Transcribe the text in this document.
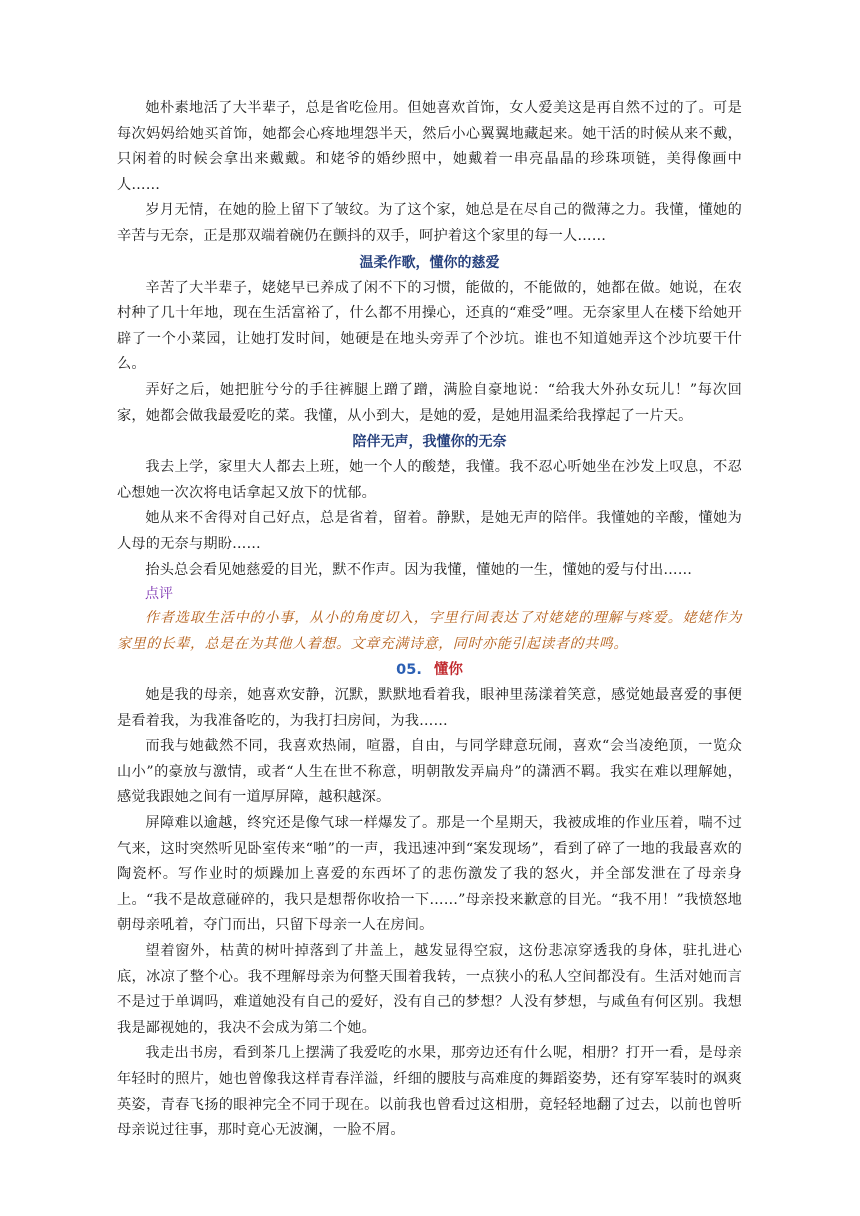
她朴素地活了大半辈子，总是省吃俭用。但她喜欢首饰，女人爱美这是再自然不过的了。可是每次妈妈给她买首饰，她都会心疼地埋怨半天，然后小心翼翼地藏起来。她干活的时候从来不戴，只闲着的时候会拿出来戴戴。和姥爷的婚纱照中，她戴着一串亮晶晶的珍珠项链，美得像画中人……

岁月无情，在她的脸上留下了皱纹。为了这个家，她总是在尽自己的微薄之力。我懂，懂她的辛苦与无奈，正是那双端着碗仍在颤抖的双手，呵护着这个家里的每一人……

温柔作歌，懂你的慈爱

辛苦了大半辈子，姥姥早已养成了闲不下的习惯，能做的，不能做的，她都在做。她说，在农村种了几十年地，现在生活富裕了，什么都不用操心，还真的“难受”哩。无奈家里人在楼下给她开辟了一个小菜园，让她打发时间，她硬是在地头旁弄了个沙坑。谁也不知道她弄这个沙坑要干什么。

弄好之后，她把脏兮兮的手往裤腿上蹭了蹭，满脸自豪地说：“给我大外孙女玩儿！”每次回家，她都会做我最爱吃的菜。我懂，从小到大，是她的爱，是她用温柔给我撑起了一片天。

陪伴无声，我懂你的无奈

我去上学，家里大人都去上班，她一个人的酸楚，我懂。我不忍心听她坐在沙发上叹息，不忍心想她一次次将电话拿起又放下的忧郁。

她从来不舍得对自己好点，总是省着，留着。静默，是她无声的陪伴。我懂她的辛酸，懂她为人母的无奈与期盼……

抬头总会看见她慈爱的目光，默不作声。因为我懂，懂她的一生，懂她的爱与付出……

点评

作者选取生活中的小事，从小的角度切入，字里行间表达了对姥姥的理解与疼爱。姥姥作为家里的长辈，总是在为其他人着想。文章充满诗意，同时亦能引起读者的共鸣。

05. 懂你

她是我的母亲，她喜欢安静，沉默，默默地看着我，眼神里荡漾着笑意，感觉她最喜爱的事便是看着我，为我准备吃的，为我打扫房间，为我……

而我与她截然不同，我喜欢热闹，喧嚣，自由，与同学肆意玩闹，喜欢“会当凌绝顶，一览众山小”的豪放与激情，或者“人生在世不称意，明朝散发弄扁舟”的潇洒不羁。我实在难以理解她，感觉我跟她之间有一道厚屏障，越积越深。

屏障难以逾越，终究还是像气球一样爆发了。那是一个星期天，我被成堆的作业压着，喘不过气来，这时突然听见卧室传来“啪”的一声，我迅速冲到“案发现场”，看到了碎了一地的我最喜欢的陶瓷杯。写作业时的烦躁加上喜爱的东西坏了的悲伤激发了我的怒火，并全部发泄在了母亲身上。“我不是故意碰碎的，我只是想帮你收拾一下……”母亲投来歉意的目光。“我不用！”我愤怒地朝母亲吼着，夺门而出，只留下母亲一人在房间。

望着窗外，枯黄的树叶掉落到了井盖上，越发显得空寂，这份悲凉穿透我的身体，驻扎进心底，冰凉了整个心。我不理解母亲为何整天围着我转，一点狭小的私人空间都没有。生活对她而言不是过于单调吗，难道她没有自己的爱好，没有自己的梦想？人没有梦想，与咸鱼有何区别。我想我是鄙视她的，我决不会成为第二个她。

我走出书房，看到茶几上摆满了我爱吃的水果，那旁边还有什么呢，相册？打开一看，是母亲年轻时的照片，她也曾像我这样青春洋溢，纤细的腰肢与高难度的舞蹈姿势，还有穿军装时的飒爽英姿，青春飞扬的眼神完全不同于现在。以前我也曾看过这相册，竟轻轻地翻了过去，以前也曾听母亲说过往事，那时竟心无波澜，一脸不屑。
